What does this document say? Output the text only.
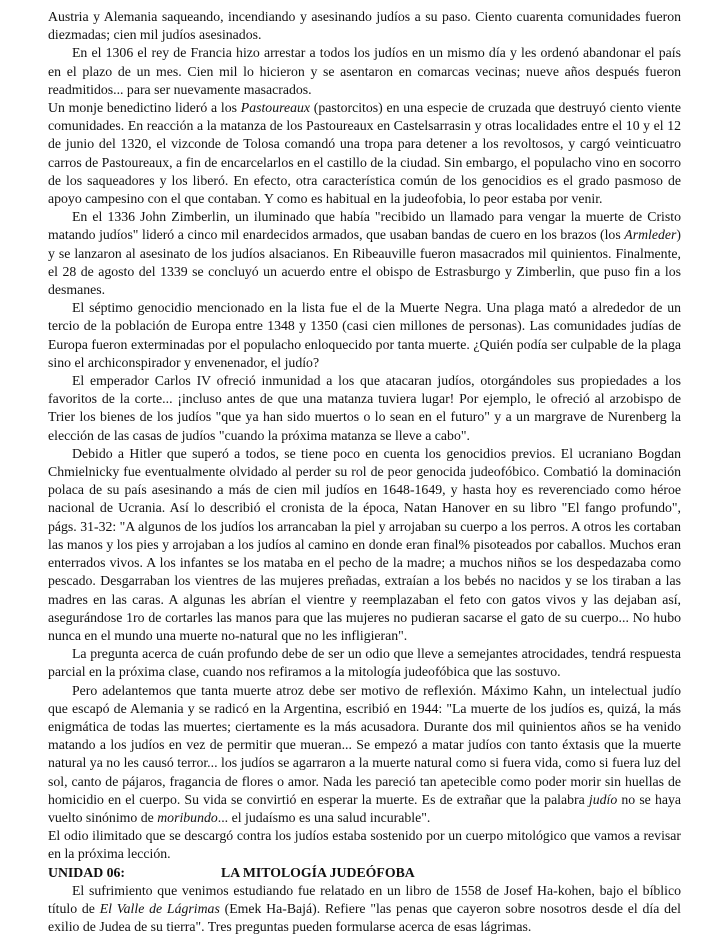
Austria y Alemania saqueando, incendiando y asesinando judíos a su paso. Ciento cuarenta comunidades fueron diezmadas; cien mil judíos asesinados.

En el 1306 el rey de Francia hizo arrestar a todos los judíos en un mismo día y les ordenó abandonar el país en el plazo de un mes. Cien mil lo hicieron y se asentaron en comarcas vecinas; nueve años después fueron readmitidos... para ser nuevamente masacrados.

Un monje benedictino lideró a los Pastoureaux (pastorcitos) en una especie de cruzada que destruyó ciento viente comunidades. En reacción a la matanza de los Pastoureaux en Castelsarrasin y otras localidades entre el 10 y el 12 de junio del 1320, el vizconde de Tolosa comandó una tropa para detener a los revoltosos, y cargó veinticuatro carros de Pastoureaux, a fin de encarcelarlos en el castillo de la ciudad. Sin embargo, el populacho vino en socorro de los saqueadores y los liberó. En efecto, otra característica común de los genocidios es el grado pasmoso de apoyo campesino con el que contaban. Y como es habitual en la judeofobia, lo peor estaba por venir.

En el 1336 John Zimberlin, un iluminado que había "recibido un llamado para vengar la muerte de Cristo matando judíos" lideró a cinco mil enardecidos armados, que usaban bandas de cuero en los brazos (los Armleder) y se lanzaron al asesinato de los judíos alsacianos. En Ribeauville fueron masacrados mil quinientos. Finalmente, el 28 de agosto del 1339 se concluyó un acuerdo entre el obispo de Estrasburgo y Zimberlin, que puso fin a los desmanes.

El séptimo genocidio mencionado en la lista fue el de la Muerte Negra. Una plaga mató a alrededor de un tercio de la población de Europa entre 1348 y 1350 (casi cien millones de personas). Las comunidades judías de Europa fueron exterminadas por el populacho enloquecido por tanta muerte. ¿Quién podía ser culpable de la plaga sino el archiconspirador y envenenador, el judío?

El emperador Carlos IV ofreció inmunidad a los que atacaran judíos, otorgándoles sus propiedades a los favoritos de la corte... ¡incluso antes de que una matanza tuviera lugar! Por ejemplo, le ofreció al arzobispo de Trier los bienes de los judíos "que ya han sido muertos o lo sean en el futuro" y a un margrave de Nurenberg la elección de las casas de judíos "cuando la próxima matanza se lleve a cabo".

Debido a Hitler que superó a todos, se tiene poco en cuenta los genocidios previos. El ucraniano Bogdan Chmielnicky fue eventualmente olvidado al perder su rol de peor genocida judeofóbico. Combatió la dominación polaca de su país asesinando a más de cien mil judíos en 1648-1649, y hasta hoy es reverenciado como héroe nacional de Ucrania. Así lo describió el cronista de la época, Natan Hanover en su libro "El fango profundo", págs. 31-32: "A algunos de los judíos los arrancaban la piel y arrojaban su cuerpo a los perros. A otros les cortaban las manos y los pies y arrojaban a los judíos al camino en donde eran final% pisoteados por caballos. Muchos eran enterrados vivos. A los infantes se los mataba en el pecho de la madre; a muchos niños se los despedazaba como pescado. Desgarraban los vientres de las mujeres preñadas, extraían a los bebés no nacidos y se los tiraban a las madres en las caras. A algunas les abrían el vientre y reemplazaban el feto con gatos vivos y las dejaban así, asegurándose 1ro de cortarles las manos para que las mujeres no pudieran sacarse el gato de su cuerpo... No hubo nunca en el mundo una muerte no-natural que no les infligieran".

La pregunta acerca de cuán profundo debe de ser un odio que lleve a semejantes atrocidades, tendrá respuesta parcial en la próxima clase, cuando nos refiramos a la mitología judeofóbica que las sostuvo.

Pero adelantemos que tanta muerte atroz debe ser motivo de reflexión. Máximo Kahn, un intelectual judío que escapó de Alemania y se radicó en la Argentina, escribió en 1944: "La muerte de los judíos es, quizá, la más enigmática de todas las muertes; ciertamente es la más acusadora. Durante dos mil quinientos años se ha venido matando a los judíos en vez de permitir que mueran... Se empezó a matar judíos con tanto éxtasis que la muerte natural ya no les causó terror... los judíos se agarraron a la muerte natural como si fuera vida, como si fuera luz del sol, canto de pájaros, fragancia de flores o amor. Nada les pareció tan apetecible como poder morir sin huellas de homicidio en el cuerpo. Su vida se convirtió en esperar la muerte. Es de extrañar que la palabra judío no se haya vuelto sinónimo de moribundo... el judaísmo es una salud incurable".

El odio ilimitado que se descargó contra los judíos estaba sostenido por un cuerpo mitológico que vamos a revisar en la próxima lección.

UNIDAD 06:	LA MITOLOGÍA JUDEÓFOBA

El sufrimiento que venimos estudiando fue relatado en un libro de 1558 de Josef Ha-kohen, bajo el bíblico título de El Valle de Lágrimas (Emek Ha-Bajá). Refiere "las penas que cayeron sobre nosotros desde el día del exilio de Judea de su tierra". Tres preguntas pueden formularse acerca de esas lágrimas.
